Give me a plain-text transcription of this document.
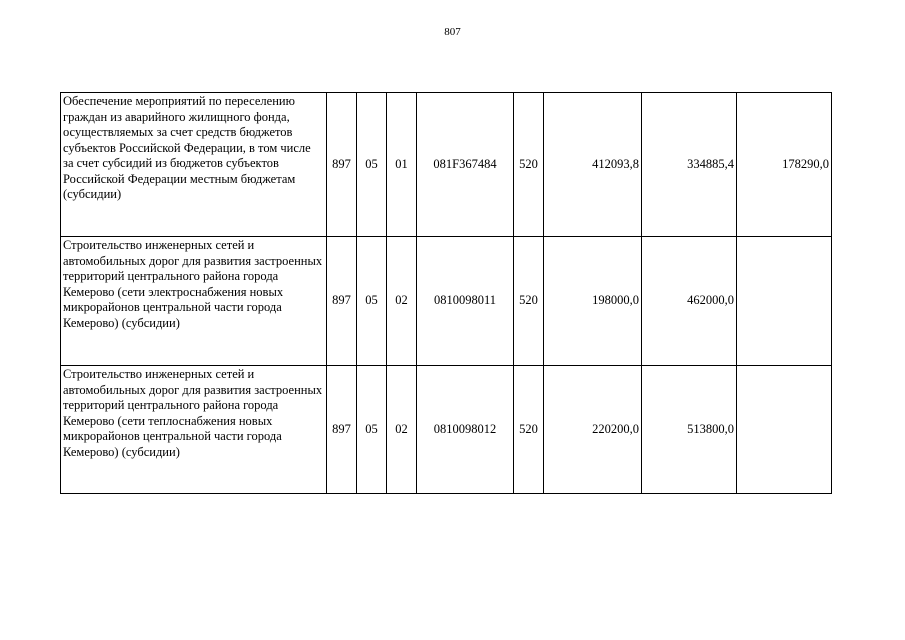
807
Обеспечение мероприятий по переселению граждан из аварийного жилищного фонда, осуществляемых за счет средств бюджетов субъектов Российской Федерации, в том числе за счет субсидий из бюджетов субъектов Российской Федерации местным бюджетам (субсидии)	897	05	01	081F367484	520	412093,8	334885,4	178290,0
Строительство инженерных сетей и автомобильных дорог для развития застроенных территорий центрального района города Кемерово (сети электроснабжения новых микрорайонов центральной части города Кемерово) (субсидии)	897	05	02	0810098011	520	198000,0	462000,0	
Строительство инженерных сетей и автомобильных дорог для развития застроенных территорий центрального района города Кемерово (сети теплоснабжения новых микрорайонов центральной части города Кемерово) (субсидии)	897	05	02	0810098012	520	220200,0	513800,0	
